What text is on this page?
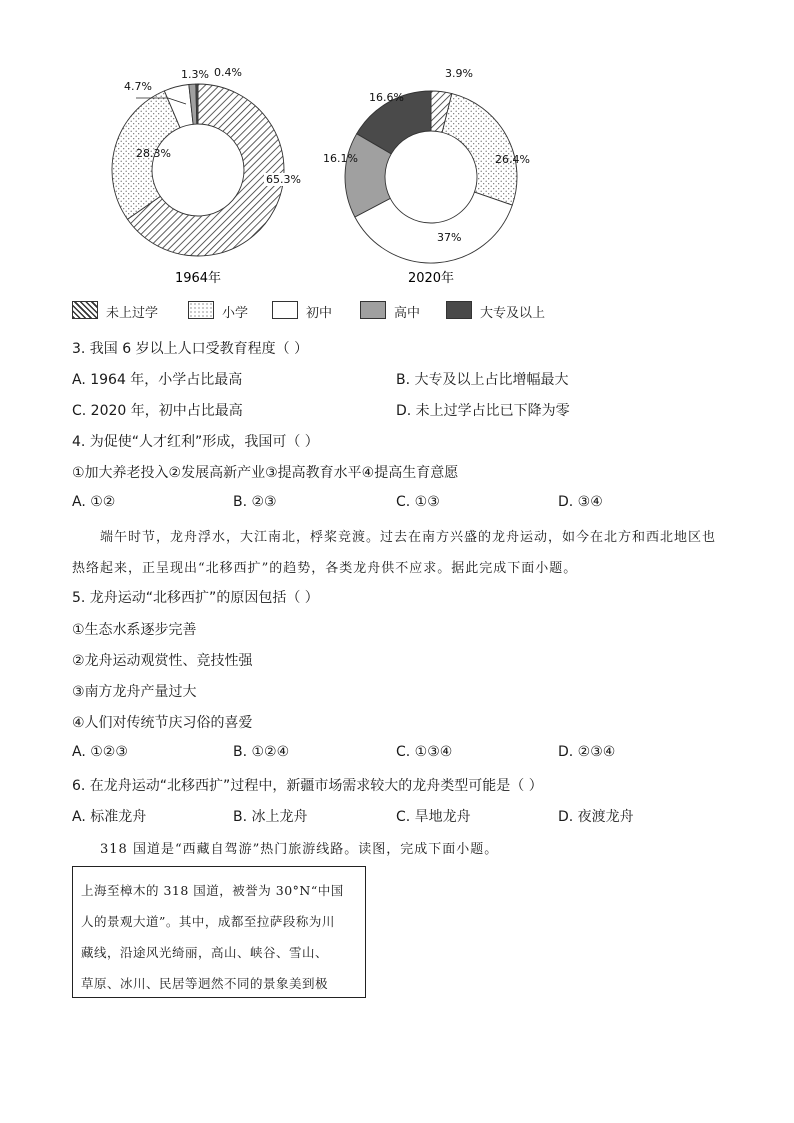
65.3%
28.3%
4.7%
1.3% 0.4%	3.9%
26.4%
37%
16.1%
16.6%
1964年	2020年
未上过学	小学	初中	高中	大专及以上
3. 我国 6 岁以上人口受教育程度（ ）
A. 1964 年，小学占比最高	B. 大专及以上占比增幅最大
C. 2020 年，初中占比最高	D. 未上过学占比已下降为零
4. 为促使“人才红利”形成，我国可（ ）
①加大养老投入②发展高新产业③提高教育水平④提高生育意愿
A. ①②	B. ②③	C. ①③	D. ③④
端午时节，龙舟浮水，大江南北，桴桨竞渡。过去在南方兴盛的龙舟运动，如今在北方和西北地区也
热络起来，正呈现出“北移西扩”的趋势，各类龙舟供不应求。据此完成下面小题。
5. 龙舟运动“北移西扩”的原因包括（ ）
①生态水系逐步完善
②龙舟运动观赏性、竞技性强
③南方龙舟产量过大
④人们对传统节庆习俗的喜爱
A. ①②③	B. ①②④	C. ①③④	D. ②③④
6. 在龙舟运动“北移西扩”过程中，新疆市场需求较大的龙舟类型可能是（ ）
A. 标准龙舟	B. 冰上龙舟	C. 旱地龙舟	D. 夜渡龙舟
318 国道是“西藏自驾游”热门旅游线路。读图，完成下面小题。
上海至樟木的 318 国道，被誉为 30°N“中国
人的景观大道”。其中，成都至拉萨段称为川
藏线，沿途风光绮丽，高山、峡谷、雪山、
草原、冰川、民居等迥然不同的景象美到极
